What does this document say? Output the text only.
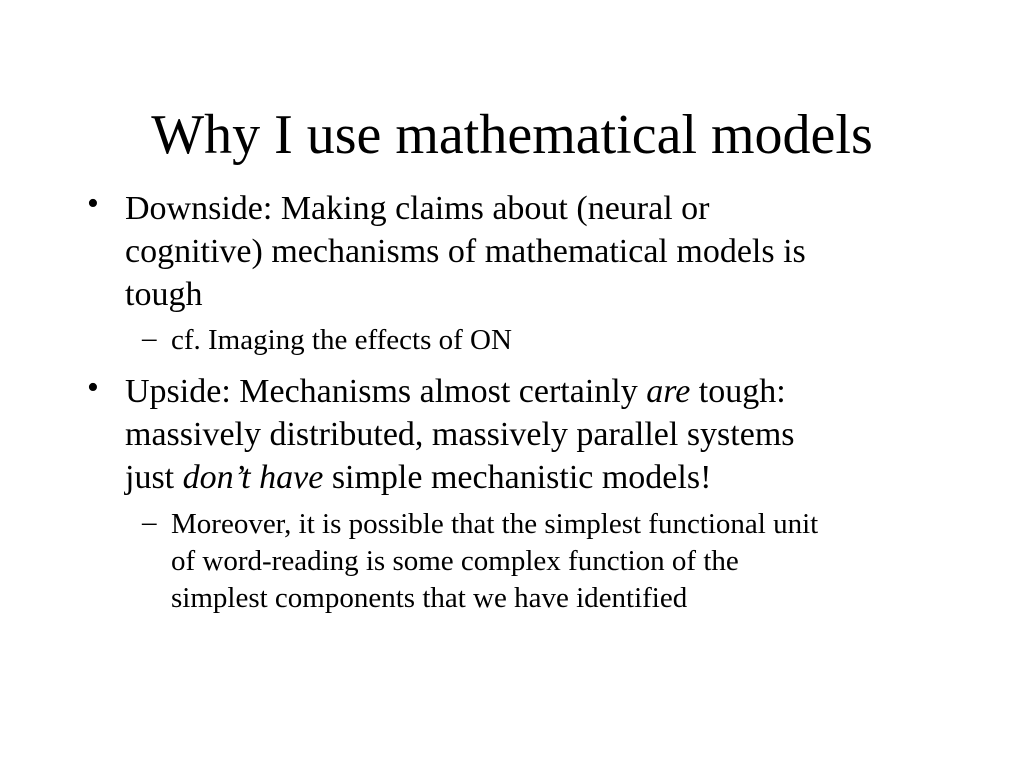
Why I use mathematical models
• Downside: Making claims about (neural or
cognitive) mechanisms of mathematical models is
tough
– cf. Imaging the effects of ON
• Upside: Mechanisms almost certainly are tough:
massively distributed, massively parallel systems
just don’t have simple mechanistic models!
– Moreover, it is possible that the simplest functional unit
of word-reading is some complex function of the
simplest components that we have identified
